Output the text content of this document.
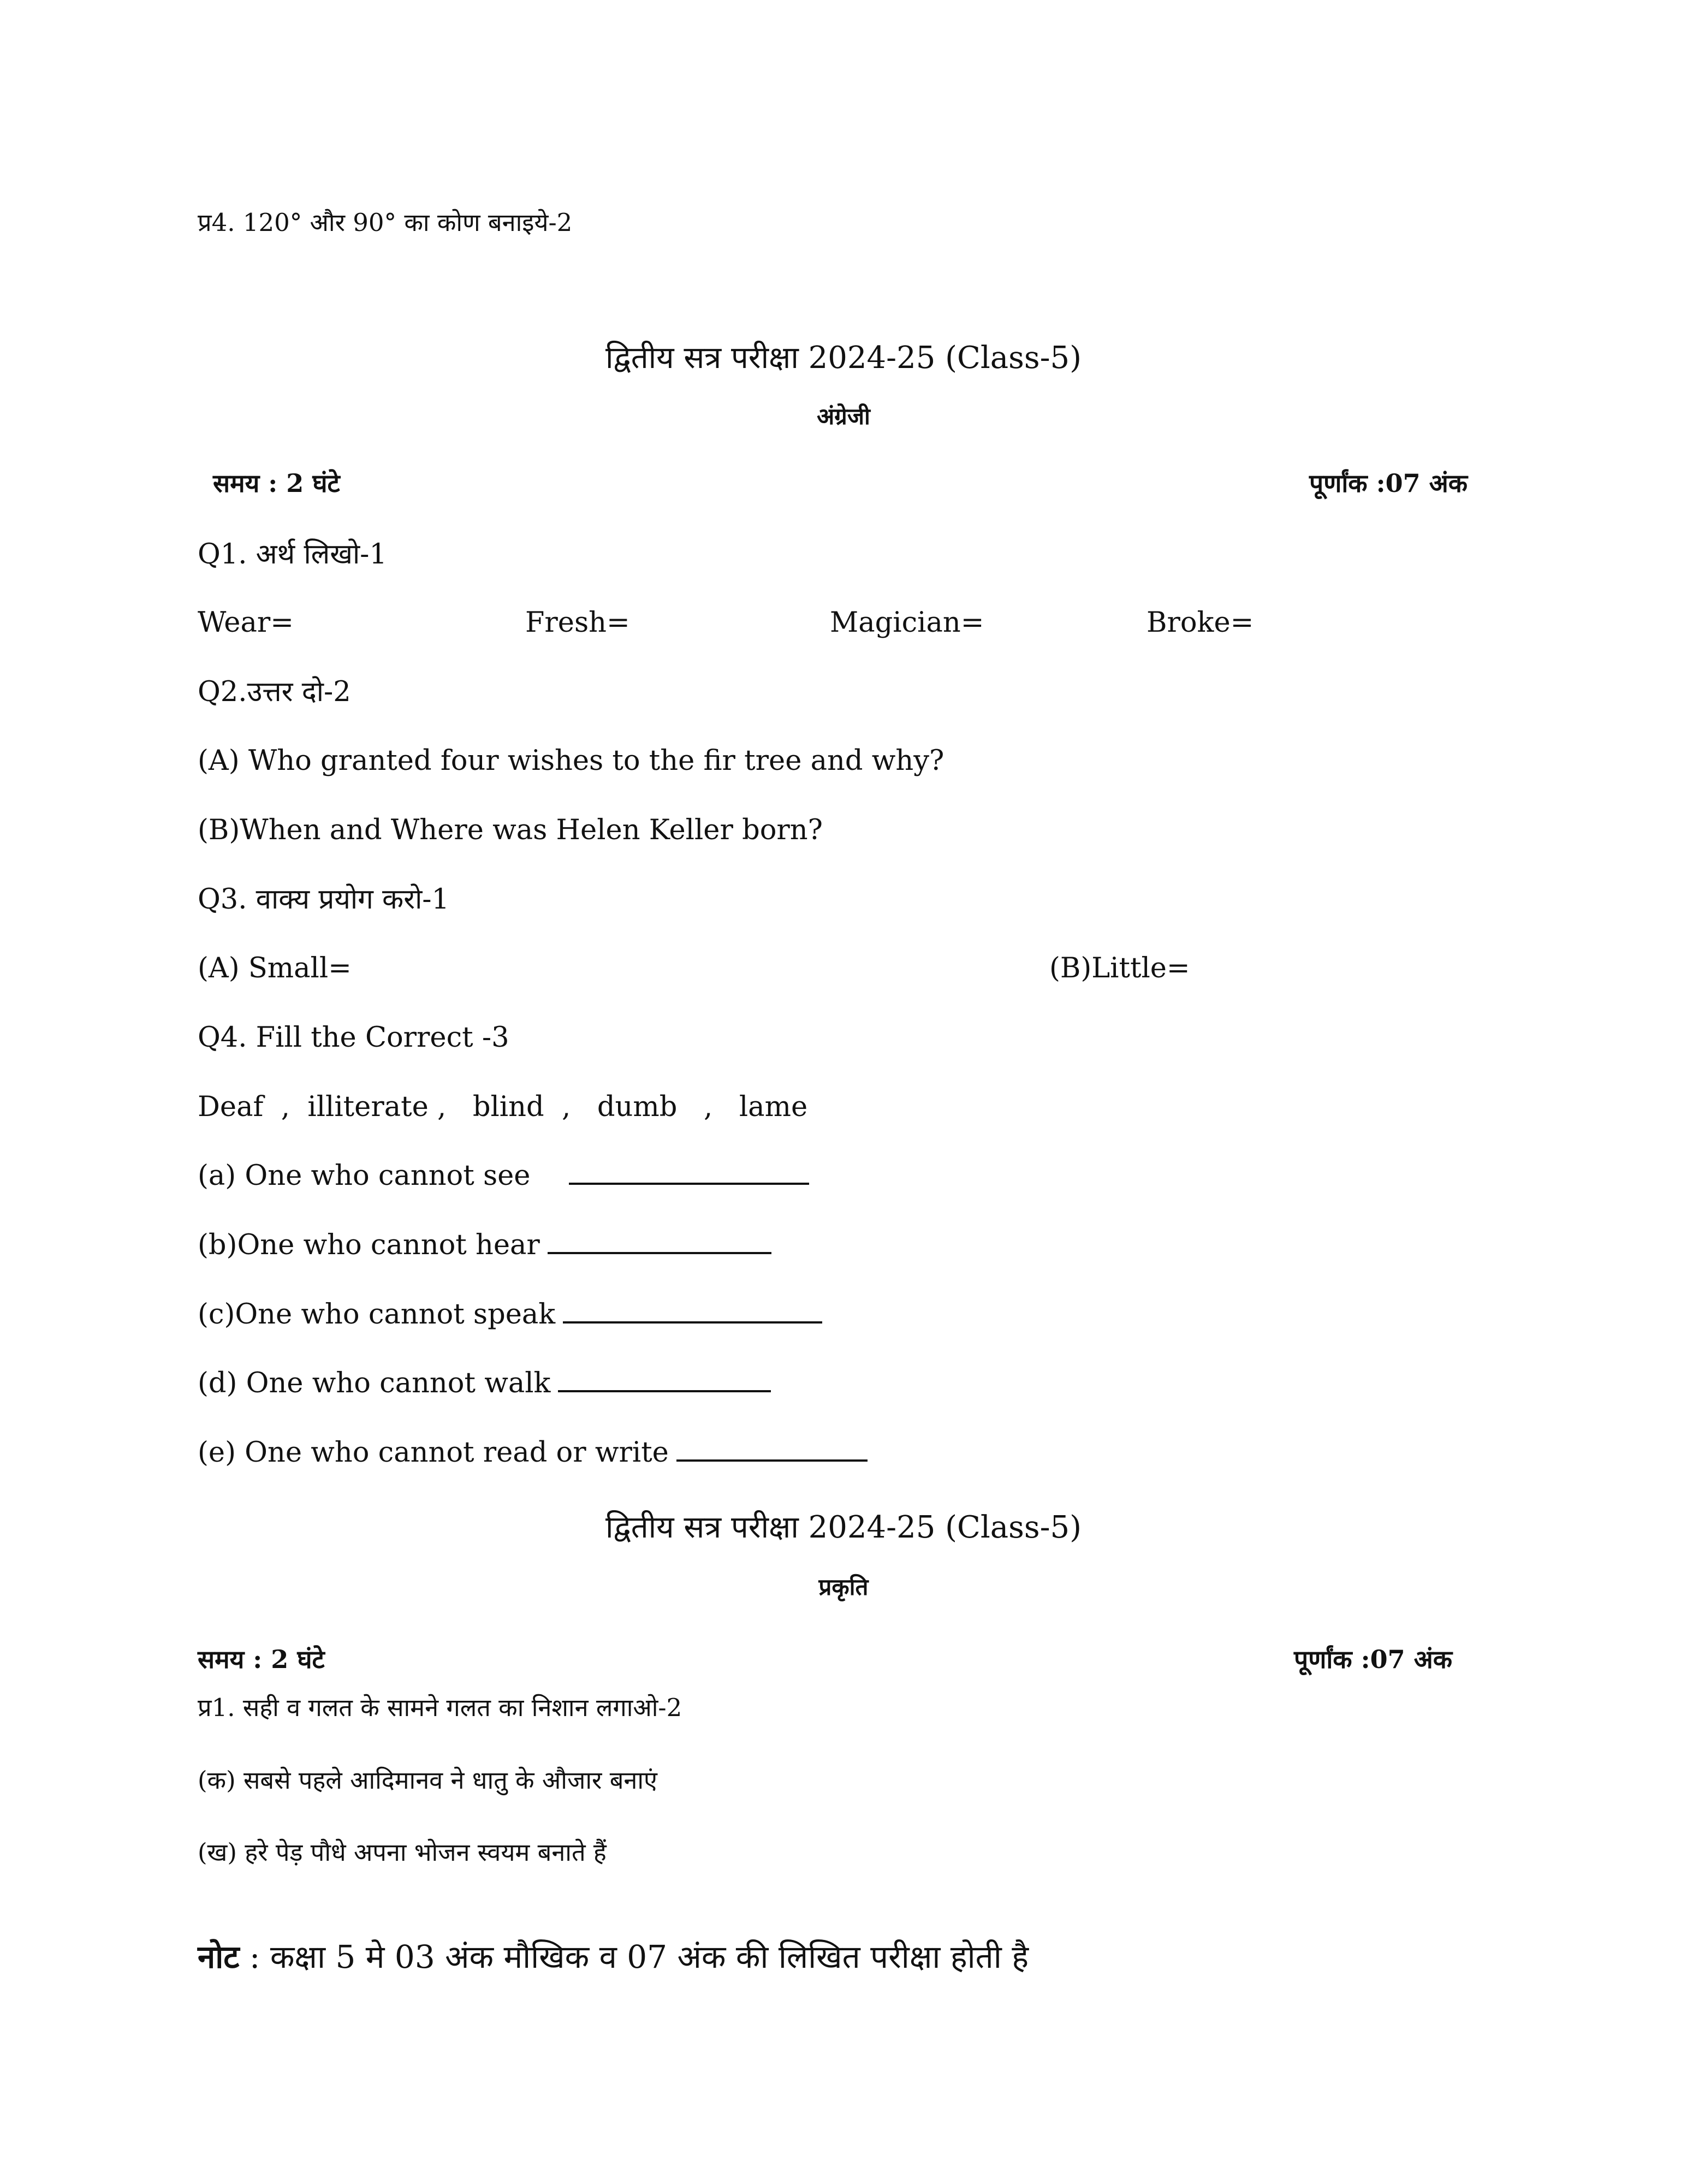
प्र4. 120° और 90° का कोण बनाइये-2
द्वितीय सत्र परीक्षा 2024-25 (Class-5)
अंग्रेजी
समय : 2 घंटे	पूर्णांक :07 अंक
Q1. अर्थ लिखो-1
Wear=	Fresh=	Magician=	Broke=
Q2.उत्तर दो-2
(A) Who granted four wishes to the fir tree and why?
(B)When and Where was Helen Keller born?
Q3. वाक्य प्रयोग करो-1
(A) Small=	(B)Little=
Q4. Fill the Correct -3
Deaf  ,  illiterate ,   blind  ,   dumb   ,   lame
(a) One who cannot see
(b)One who cannot hear
(c)One who cannot speak
(d) One who cannot walk
(e) One who cannot read or write
द्वितीय सत्र परीक्षा 2024-25 (Class-5)
प्रकृति
समय : 2 घंटे	पूर्णांक :07 अंक
प्र1. सही व गलत के सामने गलत का निशान लगाओ-2
(क) सबसे पहले आदिमानव ने धातु के औजार बनाएं
(ख) हरे पेड़ पौधे अपना भोजन स्वयम बनाते हैं
नोट : कक्षा 5 मे 03 अंक मौखिक व 07 अंक की लिखित परीक्षा होती है
